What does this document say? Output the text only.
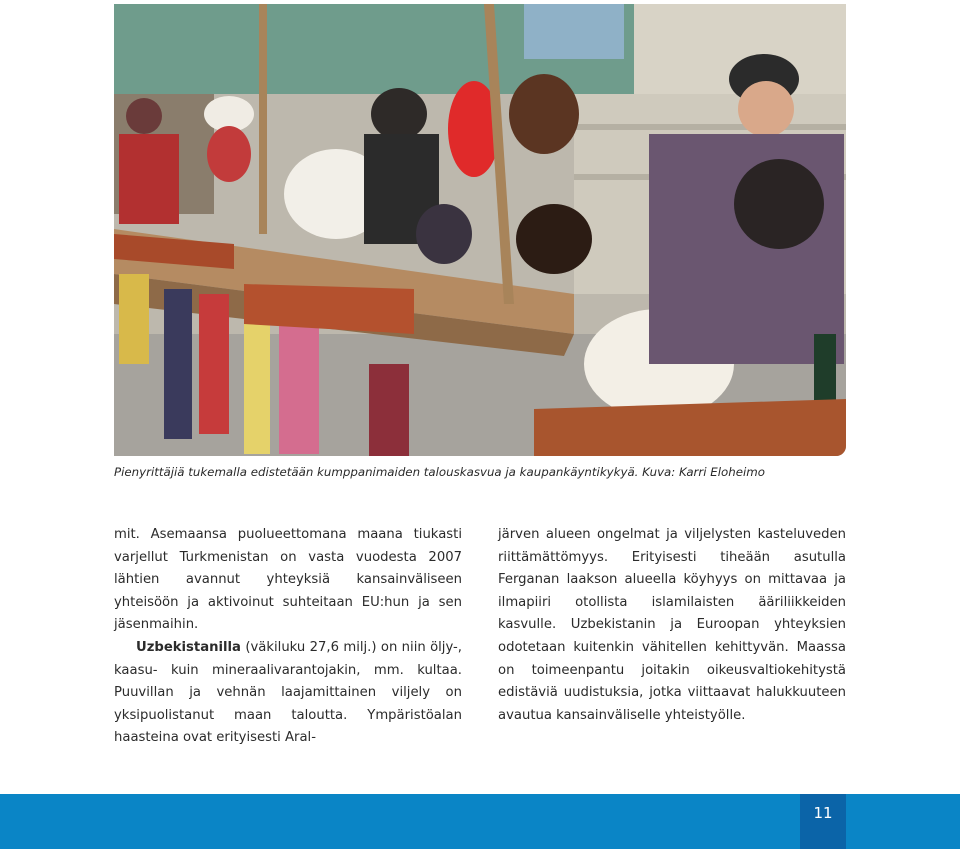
Pienyrittäjiä tukemalla edistetään kumppanimaiden talouskasvua ja kaupankäyntikykyä. Kuva: Karri Eloheimo

mit. Asemaansa puolueettomana maana tiukasti varjellut Turkmenistan on vasta vuodesta 2007 lähtien avannut yhteyksiä kansainväliseen yhteisöön ja aktivoinut suhteitaan EU:hun ja sen jäsenmaihin.

Uzbekistanilla (väkiluku 27,6 milj.) on niin öljy-, kaasu- kuin mineraalivarantojakin, mm. kultaa. Puuvillan ja vehnän laajamittainen viljely on yksipuolistanut maan taloutta. Ympäristöalan haasteina ovat erityisesti Aral-

järven alueen ongelmat ja viljelysten kasteluveden riittämättömyys. Erityisesti tiheään asutulla Ferganan laakson alueella köyhyys on mittavaa ja ilmapiiri otollista islamilaisten ääriliikkeiden kasvulle. Uzbekistanin ja Euroopan yhteyksien odotetaan kuitenkin vähitellen kehittyvän. Maassa on toimeenpantu joitakin oikeusvaltiokehitystä edistäviä uudistuksia, jotka viittaavat halukkuuteen avautua kansainväliselle yhteistyölle.

11
